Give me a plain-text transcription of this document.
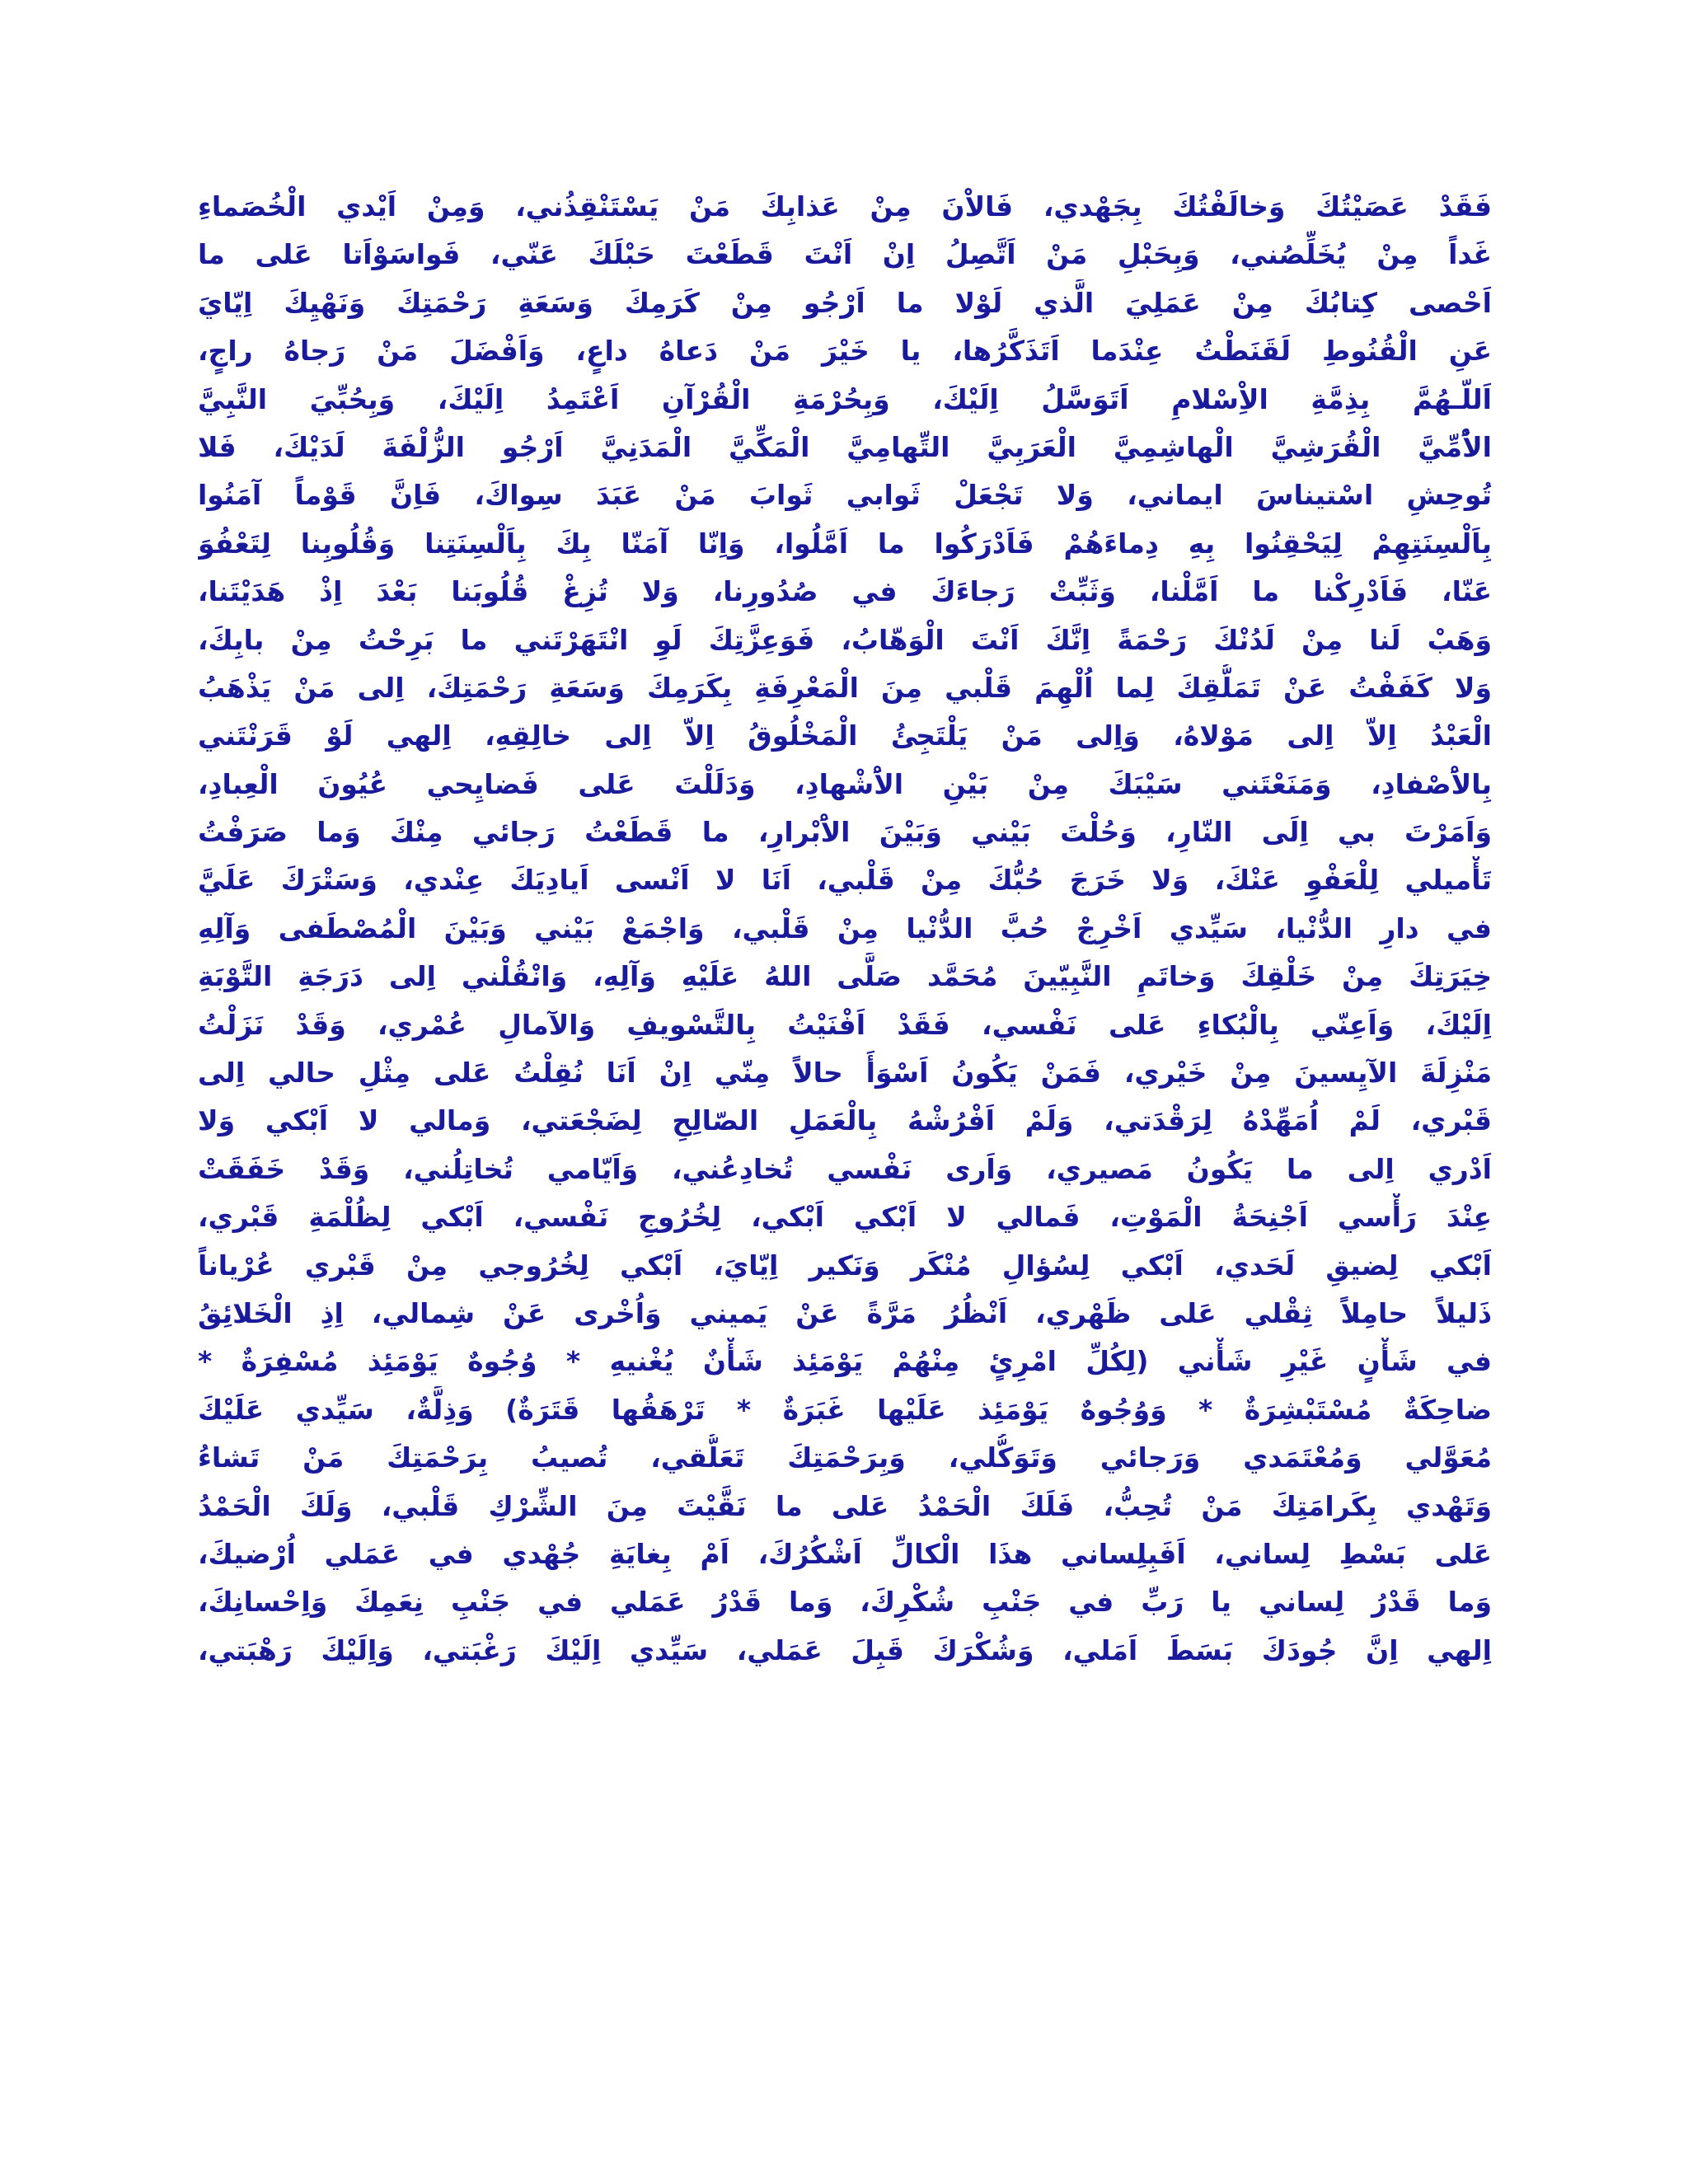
فَقَدْ عَصَيْتُكَ وَخالَفْتُكَ بِجَهْدي، فَالاْنَ مِنْ عَذابِكَ مَنْ يَسْتَنْقِذُني، وَمِنْ اَيْدي الْخُصَماءِ
غَداً مِنْ يُخَلِّصُني، وَبِحَبْلِ مَنْ اَتَّصِلُ اِنْ اَنْتَ قَطَعْتَ حَبْلَكَ عَنّي، فَواسَوْاَتا عَلى ما
اَحْصى كِتابُكَ مِنْ عَمَلِيَ الَّذي لَوْلا ما اَرْجُو مِنْ كَرَمِكَ وَسَعَةِ رَحْمَتِكَ وَنَهْيِكَ اِيّايَ
عَنِ الْقُنُوطِ لَقَنَطْتُ عِنْدَما اَتَذَكَّرُها، يا خَيْرَ مَنْ دَعاهُ داعٍ، وَاَفْضَلَ مَنْ رَجاهُ راجٍ،
اَللّـهُمَّ بِذِمَّةِ الاِْسْلامِ اَتَوَسَّلُ اِلَيْكَ، وَبِحُرْمَةِ الْقُرْآنِ اَعْتَمِدُ اِلَيْكَ، وَبِحُبِّيَ النَّبِيَّ
الاُْمِّيَّ الْقُرَشِيَّ الْهاشِمِيَّ الْعَرَبِيَّ التِّهامِيَّ الْمَكِّيَّ الْمَدَنِيَّ اَرْجُو الزُّلْفَةَ لَدَيْكَ، فَلا
تُوحِشِ اسْتيناسَ ايماني، وَلا تَجْعَلْ ثَوابي ثَوابَ مَنْ عَبَدَ سِواكَ، فَاِنَّ قَوْماً آمَنُوا
بِاَلْسِنَتِهِمْ لِيَحْقِنُوا بِهِ دِماءَهُمْ فَاَدْرَكُوا ما اَمَّلُوا، وَاِنّا آمَنّا بِكَ بِاَلْسِنَتِنا وَقُلُوبِنا لِتَعْفُوَ
عَنّا، فَاَدْرِكْنا ما اَمَّلْنا، وَثَبِّتْ رَجاءَكَ في صُدُورِنا، وَلا تُزِغْ قُلُوبَنا بَعْدَ اِذْ هَدَيْتَنا،
وَهَبْ لَنا مِنْ لَدُنْكَ رَحْمَةً اِنَّكَ اَنْتَ الْوَهّابُ، فَوَعِزَّتِكَ لَوِ انْتَهَرْتَني ما بَرِحْتُ مِنْ بابِكَ،
وَلا كَفَفْتُ عَنْ تَمَلُّقِكَ لِما اُلْهِمَ قَلْبي مِنَ الْمَعْرِفَةِ بِكَرَمِكَ وَسَعَةِ رَحْمَتِكَ، اِلى مَنْ يَذْهَبُ
الْعَبْدُ اِلاّ اِلى مَوْلاهُ، وَاِلى مَنْ يَلْتَجِئُ الْمَخْلُوقُ اِلاّ اِلى خالِقِهِ، اِلهي لَوْ قَرَنْتَني
بِالاَْصْفادِ، وَمَنَعْتَني سَيْبَكَ مِنْ بَيْنِ الاَْشْهادِ، وَدَلَلْتَ عَلى فَضايِحي عُيُونَ الْعِبادِ،
وَاَمَرْتَ بي اِلَى النّارِ، وَحُلْتَ بَيْني وَبَيْنَ الاَْبْرارِ، ما قَطَعْتُ رَجائي مِنْكَ وَما صَرَفْتُ
تَأْميلي لِلْعَفْوِ عَنْكَ، وَلا خَرَجَ حُبُّكَ مِنْ قَلْبي، اَنَا لا اَنْسى اَيادِيَكَ عِنْدي، وَسَتْرَكَ عَلَيَّ
في دارِ الدُّنْيا، سَيِّدي اَخْرِجْ حُبَّ الدُّنْيا مِنْ قَلْبي، وَاجْمَعْ بَيْني وَبَيْنَ الْمُصْطَفى وَآلِهِ
خِيَرَتِكَ مِنْ خَلْقِكَ وَخاتَمِ النَّبِيّينَ مُحَمَّد صَلَّى اللهُ عَلَيْهِ وَآلِهِ، وَانْقُلْني اِلى دَرَجَةِ التَّوْبَةِ
اِلَيْكَ، وَاَعِنّي بِالْبُكاءِ عَلى نَفْسي، فَقَدْ اَفْنَيْتُ بِالتَّسْويفِ وَالآمالِ عُمْري، وَقَدْ نَزَلْتُ
مَنْزِلَةَ الآيِسينَ مِنْ خَيْري، فَمَنْ يَكُونُ اَسْوَأَ حالاً مِنّي اِنْ اَنَا نُقِلْتُ عَلى مِثْلِ حالي اِلى
قَبْري، لَمْ اُمَهِّدْهُ لِرَقْدَتي، وَلَمْ اَفْرُشْهُ بِالْعَمَلِ الصّالِحِ لِضَجْعَتي، وَمالي لا اَبْكي وَلا
اَدْري اِلى ما يَكُونُ مَصيري، وَاَرى نَفْسي تُخادِعُني، وَاَيّامي تُخاتِلُني، وَقَدْ خَفَقَتْ
عِنْدَ رَأْسي اَجْنِحَةُ الْمَوْتِ، فَمالي لا اَبْكي اَبْكي، لِخُرُوجِ نَفْسي، اَبْكي لِظُلْمَةِ قَبْري،
اَبْكي لِضيقِ لَحَدي، اَبْكي لِسُؤالِ مُنْكَر وَنَكير اِيّايَ، اَبْكي لِخُرُوجي مِنْ قَبْري عُرْياناً
ذَليلاً حامِلاً ثِقْلي عَلى ظَهْري، اَنْظُرُ مَرَّةً عَنْ يَميني وَاُخْرى عَنْ شِمالي، اِذِ الْخَلائِقُ
في شَأْنٍ غَيْرِ شَأْني (لِكُلِّ امْرِئٍ مِنْهُمْ يَوْمَئِذ شَأْنٌ يُغْنيهِ * وُجُوهٌ يَوْمَئِذ مُسْفِرَةٌ *
ضاحِكَةٌ مُسْتَبْشِرَةٌ * وَوُجُوهٌ يَوْمَئِذ عَلَيْها غَبَرَةٌ * تَرْهَقُها قَتَرَةٌ) وَذِلَّةٌ، سَيِّدي عَلَيْكَ
مُعَوَّلي وَمُعْتَمَدي وَرَجائي وَتَوَكُّلي، وَبِرَحْمَتِكَ تَعَلُّقي، تُصيبُ بِرَحْمَتِكَ مَنْ تَشاءُ
وَتَهْدي بِكَرامَتِكَ مَنْ تُحِبُّ، فَلَكَ الْحَمْدُ عَلى ما نَقَّيْتَ مِنَ الشِّرْكِ قَلْبي، وَلَكَ الْحَمْدُ
عَلى بَسْطِ لِساني، اَفَبِلِساني هذَا الْكالِّ اَشْكُرُكَ، اَمْ بِغايَةِ جُهْدي في عَمَلي اُرْضيكَ،
وَما قَدْرُ لِساني يا رَبِّ في جَنْبِ شُكْرِكَ، وَما قَدْرُ عَمَلي في جَنْبِ نِعَمِكَ وَاِحْسانِكَ،
اِلهي اِنَّ جُودَكَ بَسَطَ اَمَلي، وَشُكْرَكَ قَبِلَ عَمَلي، سَيِّدي اِلَيْكَ رَغْبَتي، وَاِلَيْكَ رَهْبَتي،
